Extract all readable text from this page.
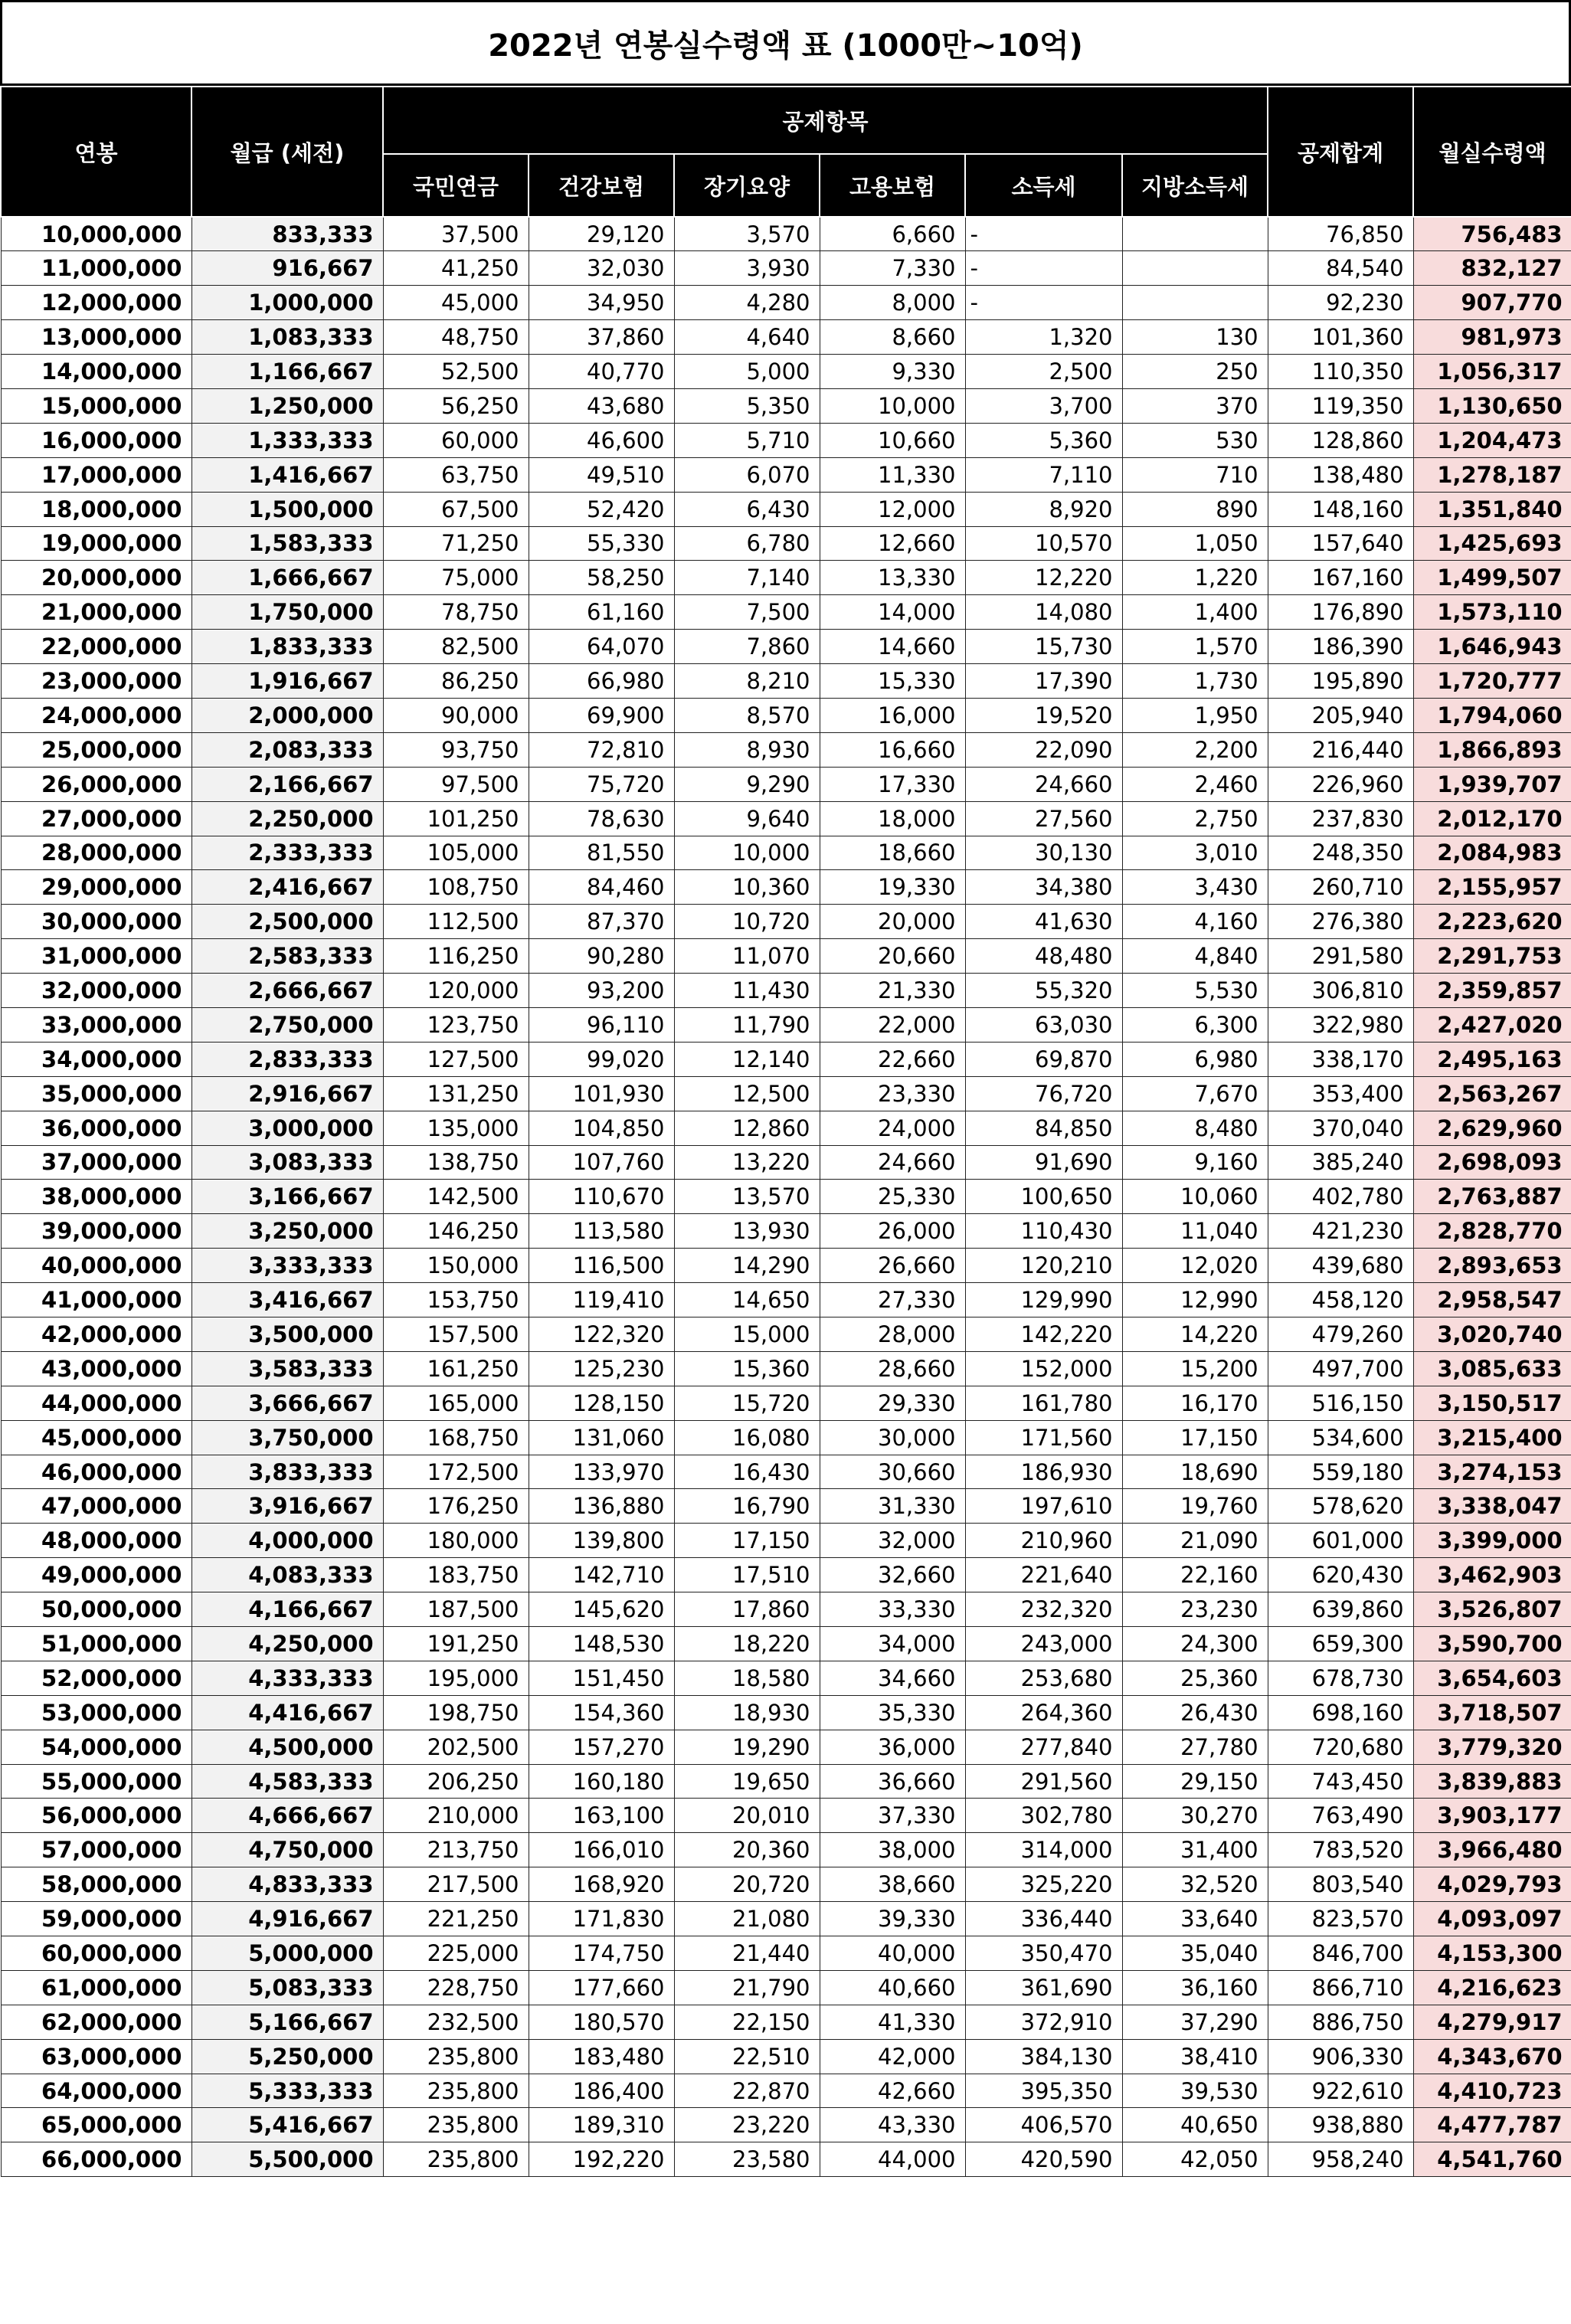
2022년 연봉실수령액 표 (1000만~10억)
연봉	월급 (세전)	공제항목						공제합계	월실수령액
		국민연금	건강보험	장기요양	고용보험	소득세	지방소득세		
10,000,000	833,333	37,500	29,120	3,570	6,660	-		76,850	756,483
11,000,000	916,667	41,250	32,030	3,930	7,330	-		84,540	832,127
12,000,000	1,000,000	45,000	34,950	4,280	8,000	-		92,230	907,770
13,000,000	1,083,333	48,750	37,860	4,640	8,660	1,320	130	101,360	981,973
14,000,000	1,166,667	52,500	40,770	5,000	9,330	2,500	250	110,350	1,056,317
15,000,000	1,250,000	56,250	43,680	5,350	10,000	3,700	370	119,350	1,130,650
16,000,000	1,333,333	60,000	46,600	5,710	10,660	5,360	530	128,860	1,204,473
17,000,000	1,416,667	63,750	49,510	6,070	11,330	7,110	710	138,480	1,278,187
18,000,000	1,500,000	67,500	52,420	6,430	12,000	8,920	890	148,160	1,351,840
19,000,000	1,583,333	71,250	55,330	6,780	12,660	10,570	1,050	157,640	1,425,693
20,000,000	1,666,667	75,000	58,250	7,140	13,330	12,220	1,220	167,160	1,499,507
21,000,000	1,750,000	78,750	61,160	7,500	14,000	14,080	1,400	176,890	1,573,110
22,000,000	1,833,333	82,500	64,070	7,860	14,660	15,730	1,570	186,390	1,646,943
23,000,000	1,916,667	86,250	66,980	8,210	15,330	17,390	1,730	195,890	1,720,777
24,000,000	2,000,000	90,000	69,900	8,570	16,000	19,520	1,950	205,940	1,794,060
25,000,000	2,083,333	93,750	72,810	8,930	16,660	22,090	2,200	216,440	1,866,893
26,000,000	2,166,667	97,500	75,720	9,290	17,330	24,660	2,460	226,960	1,939,707
27,000,000	2,250,000	101,250	78,630	9,640	18,000	27,560	2,750	237,830	2,012,170
28,000,000	2,333,333	105,000	81,550	10,000	18,660	30,130	3,010	248,350	2,084,983
29,000,000	2,416,667	108,750	84,460	10,360	19,330	34,380	3,430	260,710	2,155,957
30,000,000	2,500,000	112,500	87,370	10,720	20,000	41,630	4,160	276,380	2,223,620
31,000,000	2,583,333	116,250	90,280	11,070	20,660	48,480	4,840	291,580	2,291,753
32,000,000	2,666,667	120,000	93,200	11,430	21,330	55,320	5,530	306,810	2,359,857
33,000,000	2,750,000	123,750	96,110	11,790	22,000	63,030	6,300	322,980	2,427,020
34,000,000	2,833,333	127,500	99,020	12,140	22,660	69,870	6,980	338,170	2,495,163
35,000,000	2,916,667	131,250	101,930	12,500	23,330	76,720	7,670	353,400	2,563,267
36,000,000	3,000,000	135,000	104,850	12,860	24,000	84,850	8,480	370,040	2,629,960
37,000,000	3,083,333	138,750	107,760	13,220	24,660	91,690	9,160	385,240	2,698,093
38,000,000	3,166,667	142,500	110,670	13,570	25,330	100,650	10,060	402,780	2,763,887
39,000,000	3,250,000	146,250	113,580	13,930	26,000	110,430	11,040	421,230	2,828,770
40,000,000	3,333,333	150,000	116,500	14,290	26,660	120,210	12,020	439,680	2,893,653
41,000,000	3,416,667	153,750	119,410	14,650	27,330	129,990	12,990	458,120	2,958,547
42,000,000	3,500,000	157,500	122,320	15,000	28,000	142,220	14,220	479,260	3,020,740
43,000,000	3,583,333	161,250	125,230	15,360	28,660	152,000	15,200	497,700	3,085,633
44,000,000	3,666,667	165,000	128,150	15,720	29,330	161,780	16,170	516,150	3,150,517
45,000,000	3,750,000	168,750	131,060	16,080	30,000	171,560	17,150	534,600	3,215,400
46,000,000	3,833,333	172,500	133,970	16,430	30,660	186,930	18,690	559,180	3,274,153
47,000,000	3,916,667	176,250	136,880	16,790	31,330	197,610	19,760	578,620	3,338,047
48,000,000	4,000,000	180,000	139,800	17,150	32,000	210,960	21,090	601,000	3,399,000
49,000,000	4,083,333	183,750	142,710	17,510	32,660	221,640	22,160	620,430	3,462,903
50,000,000	4,166,667	187,500	145,620	17,860	33,330	232,320	23,230	639,860	3,526,807
51,000,000	4,250,000	191,250	148,530	18,220	34,000	243,000	24,300	659,300	3,590,700
52,000,000	4,333,333	195,000	151,450	18,580	34,660	253,680	25,360	678,730	3,654,603
53,000,000	4,416,667	198,750	154,360	18,930	35,330	264,360	26,430	698,160	3,718,507
54,000,000	4,500,000	202,500	157,270	19,290	36,000	277,840	27,780	720,680	3,779,320
55,000,000	4,583,333	206,250	160,180	19,650	36,660	291,560	29,150	743,450	3,839,883
56,000,000	4,666,667	210,000	163,100	20,010	37,330	302,780	30,270	763,490	3,903,177
57,000,000	4,750,000	213,750	166,010	20,360	38,000	314,000	31,400	783,520	3,966,480
58,000,000	4,833,333	217,500	168,920	20,720	38,660	325,220	32,520	803,540	4,029,793
59,000,000	4,916,667	221,250	171,830	21,080	39,330	336,440	33,640	823,570	4,093,097
60,000,000	5,000,000	225,000	174,750	21,440	40,000	350,470	35,040	846,700	4,153,300
61,000,000	5,083,333	228,750	177,660	21,790	40,660	361,690	36,160	866,710	4,216,623
62,000,000	5,166,667	232,500	180,570	22,150	41,330	372,910	37,290	886,750	4,279,917
63,000,000	5,250,000	235,800	183,480	22,510	42,000	384,130	38,410	906,330	4,343,670
64,000,000	5,333,333	235,800	186,400	22,870	42,660	395,350	39,530	922,610	4,410,723
65,000,000	5,416,667	235,800	189,310	23,220	43,330	406,570	40,650	938,880	4,477,787
66,000,000	5,500,000	235,800	192,220	23,580	44,000	420,590	42,050	958,240	4,541,760
